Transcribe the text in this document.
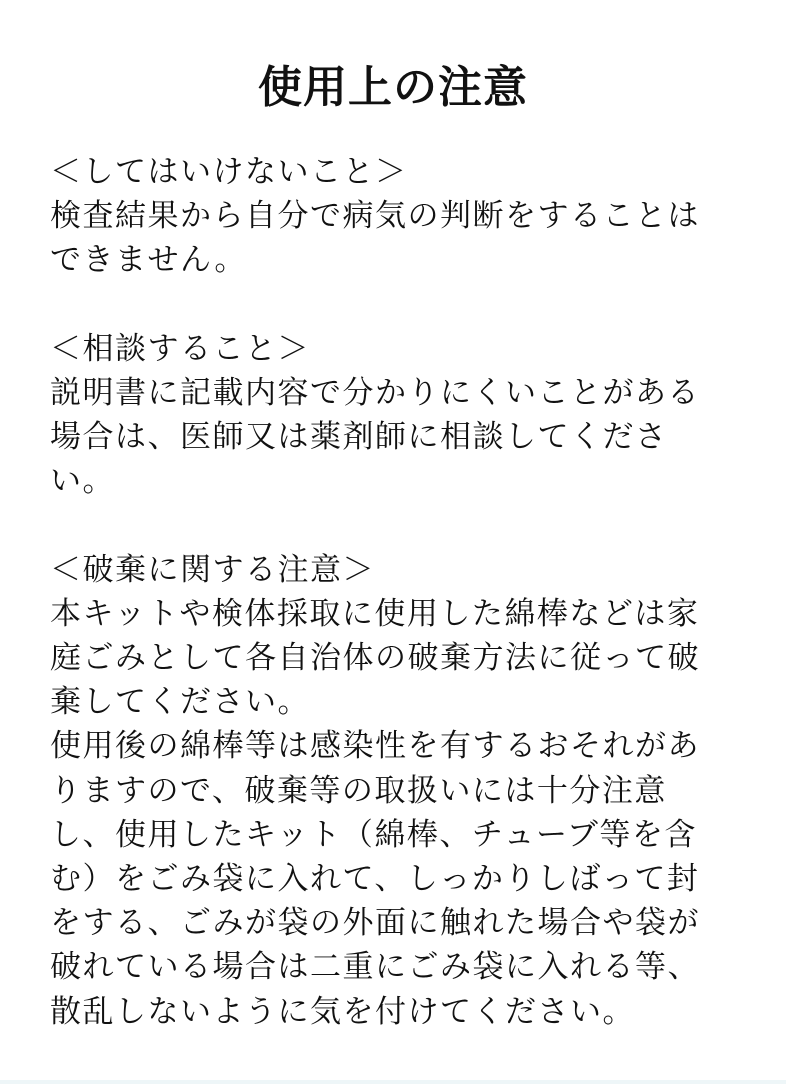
使用上の注意
＜してはいけないこと＞
検査結果から自分で病気の判断をすることは
できません。
＜相談すること＞
説明書に記載内容で分かりにくいことがある
場合は、医師又は薬剤師に相談してくださ
い。
＜破棄に関する注意＞
本キットや検体採取に使用した綿棒などは家
庭ごみとして各自治体の破棄方法に従って破
棄してください。
使用後の綿棒等は感染性を有するおそれがあ
りますので、破棄等の取扱いには十分注意
し、使用したキット（綿棒、チューブ等を含
む）をごみ袋に入れて、しっかりしばって封
をする、ごみが袋の外面に触れた場合や袋が
破れている場合は二重にごみ袋に入れる等、
散乱しないように気を付けてください。
